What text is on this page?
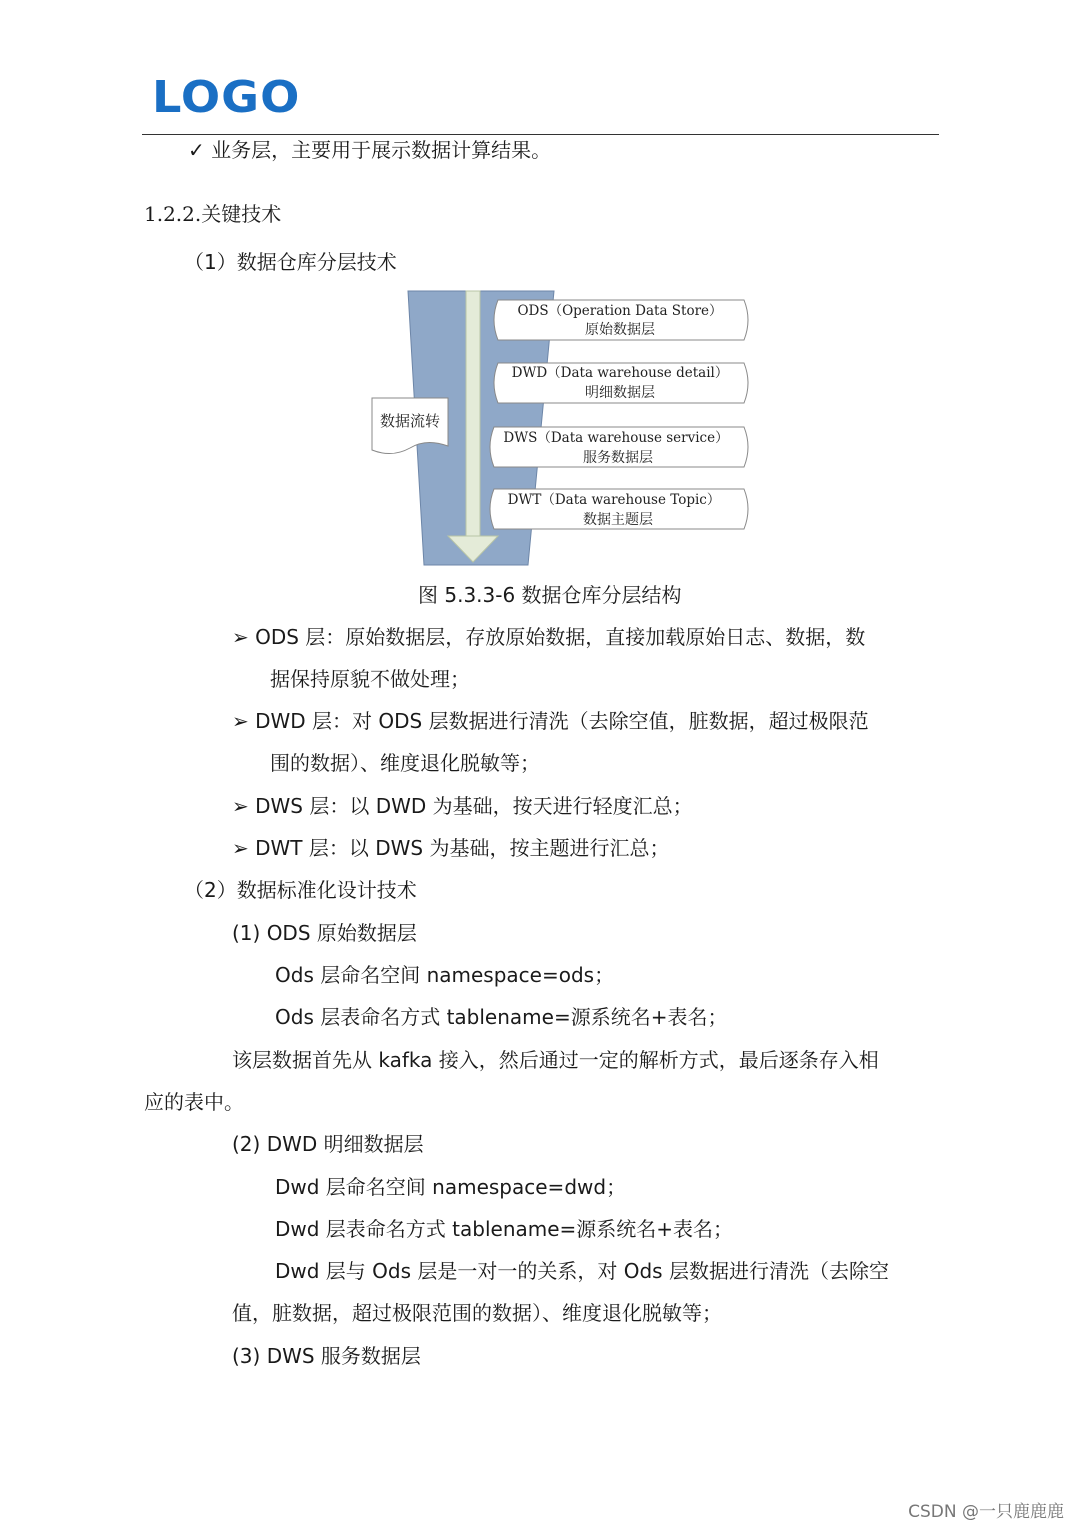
LOGO
✓ 业务层，主要用于展示数据计算结果。
1.2.2.关键技术
（1）数据仓库分层技术
数据流转
ODS（Operation Data Store）
原始数据层
DWD（Data warehouse detail）
明细数据层
DWS（Data warehouse service）
服务数据层
DWT（Data warehouse Topic）
数据主题层
图 5.3.3-6 数据仓库分层结构
➢ ODS 层：原始数据层，存放原始数据，直接加载原始日志、数据，数
据保持原貌不做处理；
➢ DWD 层：对 ODS 层数据进行清洗（去除空值，脏数据，超过极限范
围的数据）、维度退化脱敏等；
➢ DWS 层：以 DWD 为基础，按天进行轻度汇总；
➢ DWT 层：以 DWS 为基础，按主题进行汇总；
（2）数据标准化设计技术
(1) ODS 原始数据层
Ods 层命名空间 namespace=ods；
Ods 层表命名方式 tablename=源系统名+表名；
该层数据首先从 kafka 接入，然后通过一定的解析方式，最后逐条存入相
应的表中。
(2) DWD 明细数据层
Dwd 层命名空间 namespace=dwd；
Dwd 层表命名方式 tablename=源系统名+表名；
Dwd 层与 Ods 层是一对一的关系，对 Ods 层数据进行清洗（去除空
值，脏数据，超过极限范围的数据）、维度退化脱敏等；
(3) DWS 服务数据层
CSDN @一只鹿鹿鹿
